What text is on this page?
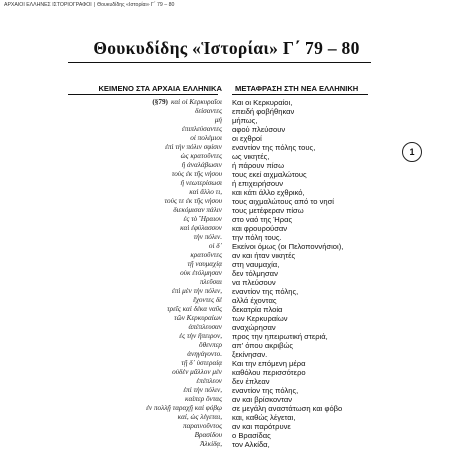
ΑΡΧΑΙΟΙ ΕΛΛΗΝΕΣ ΙΣΤΟΡΙΟΓΡΑΦΟΙ | Θουκυδίδης «Ιστορίαι» Γ΄ 79 – 80
Θουκυδίδης «Ἱστορίαι» Γ΄ 79 – 80
ΚΕΙΜΕΝΟ ΣΤΑ ΑΡΧΑΙΑ ΕΛΛΗΝΙΚΑ ΜΕΤΑΦΡΑΣΗ ΣΤΗ ΝΕΑ ΕΛΛΗΝΙΚΗ
1
(§79) καὶ οἱ Κερκυραῖοι Και οι Κερκυραίοι,
δείσαντες επειδή φοβήθηκαν
μή μήπως,
ἐπιπλεύσαντες αφού πλεύσουν
οἱ πολέμιοι οι εχθροί
ἐπὶ τὴν πόλιν σφίσιν εναντίον της πόλης τους,
ὡς κρατοῦντες ως νικητές,
ἢ ἀναλάβωσιν ή πάρουν πίσω
τοὺς ἐκ τῆς νήσου τους εκεί αιχμαλώτους
ἢ νεωτερίσωσι ή επιχειρήσουν
καὶ ἄλλο τι, και κάτι άλλο εχθρικό,
τούς τε ἐκ τῆς νήσου τους αιχμαλώτους από το νησί
διεκόμισαν πάλιν τους μετέφεραν πίσω
ἐς τὸ Ἥραιον στο ναό της Ήρας
καὶ ἐφύλασσον και φρουρούσαν
τὴν πόλιν. την πόλη τους.
οἱ δ᾽ Εκείνοι όμως (οι Πελοποννήσιοι),
κρατοῦντες αν και ήταν νικητές
τῇ ναυμαχίᾳ στη ναυμαχία,
οὐκ ἐτόλμησαν δεν τόλμησαν
πλεῦσαι να πλεύσουν
ἐπὶ μὲν τὴν πόλιν, εναντίον της πόλης,
ἔχοντες δὲ αλλά έχοντας
τρεῖς καὶ δέκα ναῦς δεκατρία πλοία
τῶν Κερκυραίων των Κερκυραίων
ἀπέπλευσαν αναχώρησαν
ἐς τὴν ἤπειρον, προς την ηπειρωτική στεριά,
ὅθενπερ απ' όπου ακριβώς
ἀνηγάγοντο. ξεκίνησαν.
τῇ δ᾽ ὑστεραίᾳ Και την επόμενη μέρα
οὐδὲν μᾶλλον μὲν καθόλου περισσότερο
ἐπέπλεον δεν έπλεαν
ἐπὶ τὴν πόλιν, εναντίον της πόλης,
καίπερ ὄντας αν και βρίσκονταν
ἐν πολλῇ ταραχῇ καὶ φόβῳ σε μεγάλη αναστάτωση και φόβο
καί, ὡς λέγεται, και, καθώς λέγεται,
παραινοῦντος αν και παρότρυνε
Βρασίδου ο Βρασίδας
Ἀλκίδᾳ, τον Αλκίδα,
